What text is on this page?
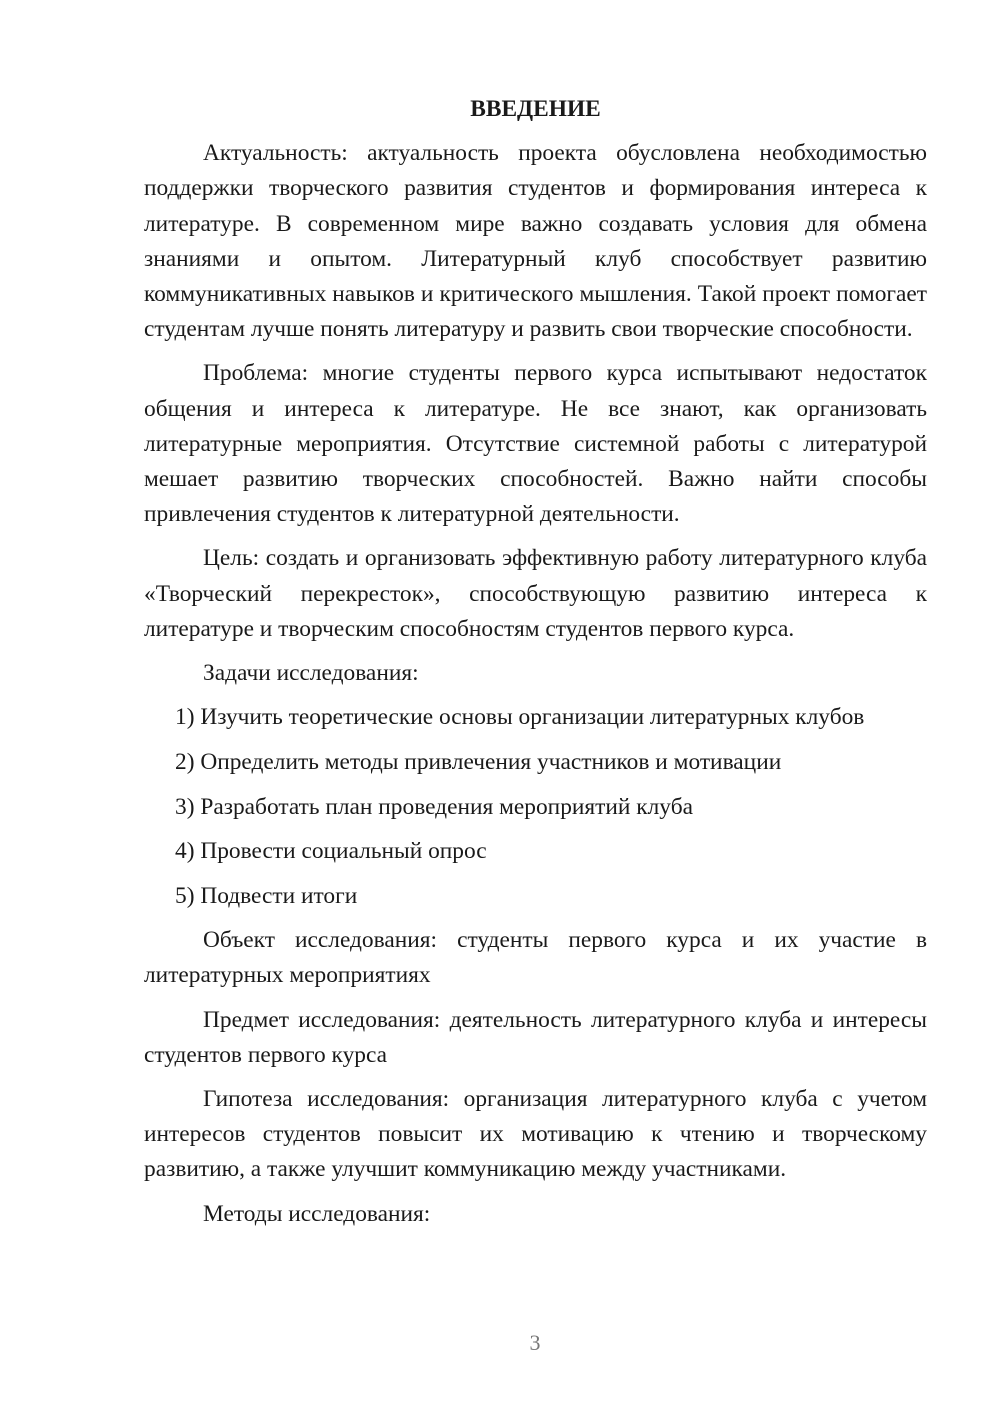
ВВЕДЕНИЕ

Актуальность: актуальность проекта обусловлена необходимостью поддержки творческого развития студентов и формирования интереса к литературе. В современном мире важно создавать условия для обмена знаниями и опытом. Литературный клуб способствует развитию коммуникативных навыков и критического мышления. Такой проект помогает студентам лучше понять литературу и развить свои творческие способности.

Проблема: многие студенты первого курса испытывают недостаток общения и интереса к литературе. Не все знают, как организовать литературные мероприятия. Отсутствие системной работы с литературой мешает развитию творческих способностей. Важно найти способы привлечения студентов к литературной деятельности.

Цель: создать и организовать эффективную работу литературного клуба «Творческий перекресток», способствующую развитию интереса к литературе и творческим способностям студентов первого курса.

Задачи исследования:

1) Изучить теоретические основы организации литературных клубов
2) Определить методы привлечения участников и мотивации
3) Разработать план проведения мероприятий клуба
4) Провести социальный опрос
5) Подвести итоги

Объект исследования: студенты первого курса и их участие в литературных мероприятиях

Предмет исследования: деятельность литературного клуба и интересы студентов первого курса

Гипотеза исследования: организация литературного клуба с учетом интересов студентов повысит их мотивацию к чтению и творческому развитию, а также улучшит коммуникацию между участниками.

Методы исследования:

3
